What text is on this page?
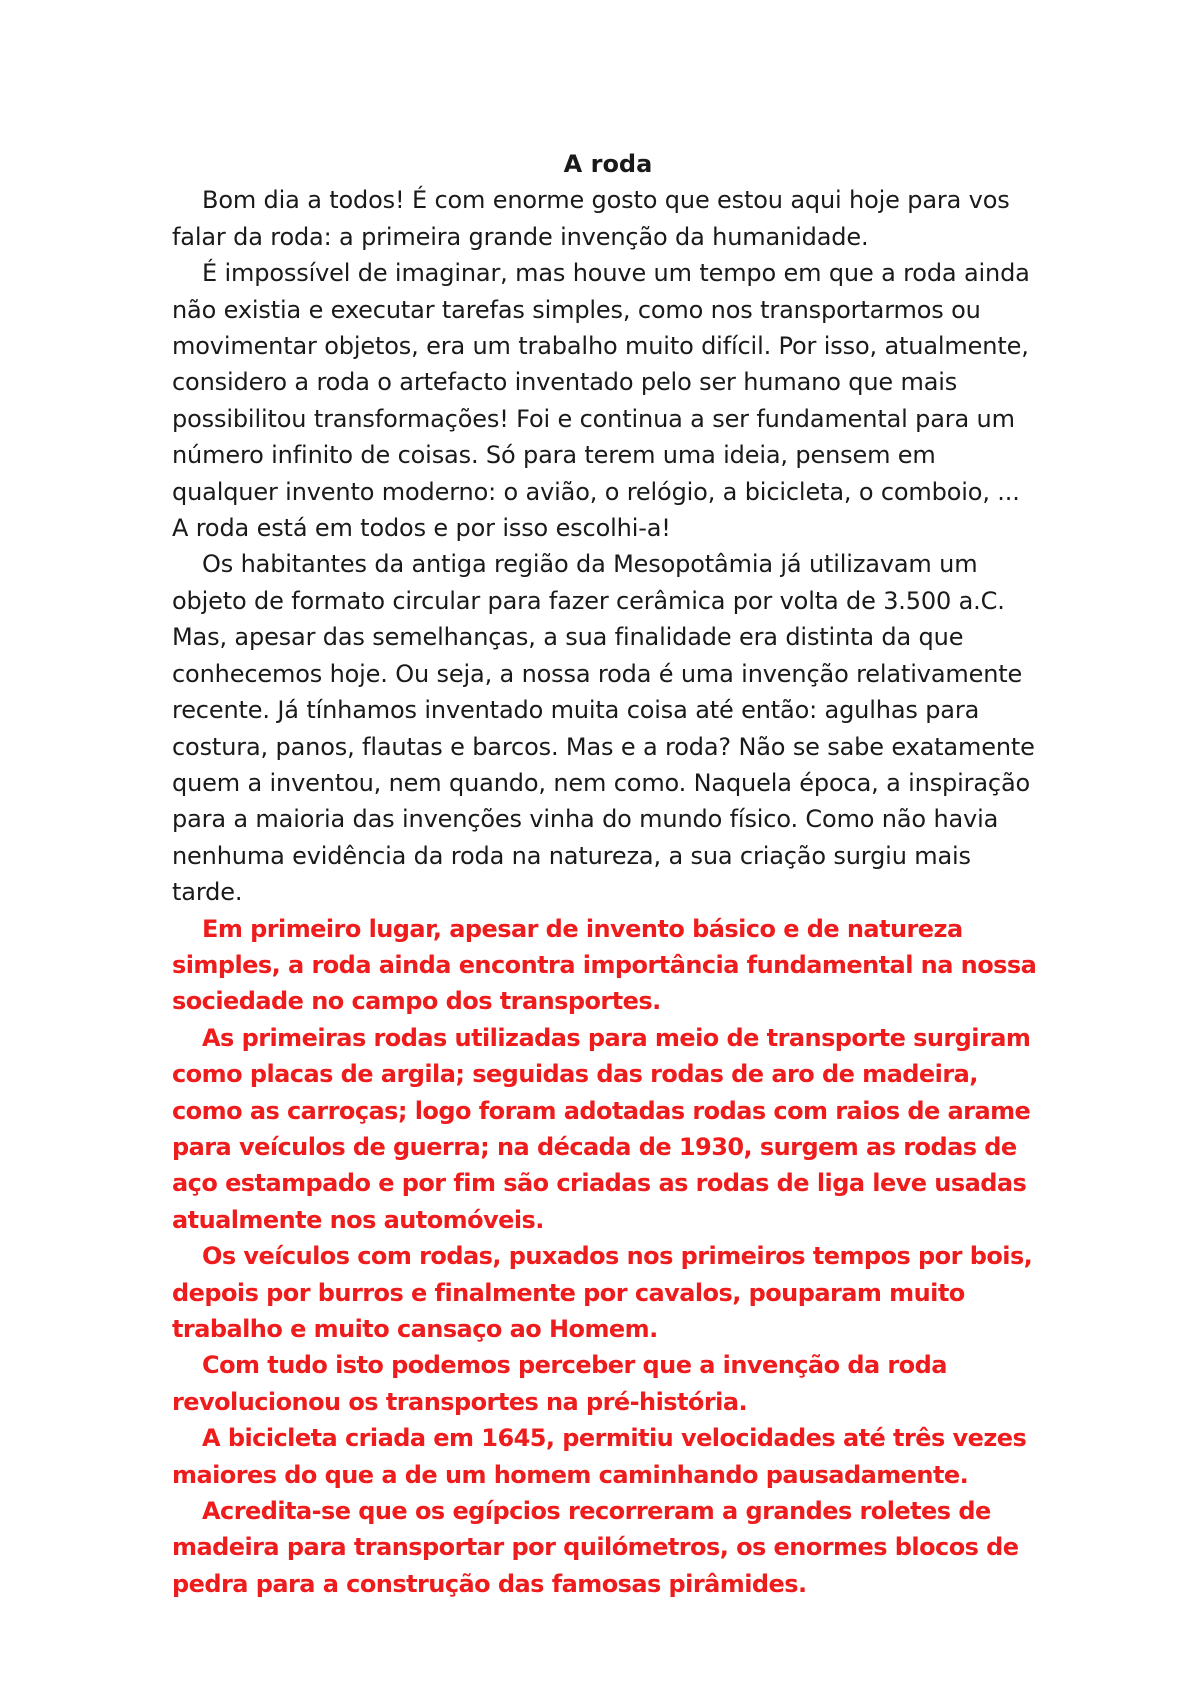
A roda

Bom dia a todos! É com enorme gosto que estou aqui hoje para vos falar da roda: a primeira grande invenção da humanidade.

É impossível de imaginar, mas houve um tempo em que a roda ainda não existia e executar tarefas simples, como nos transportarmos ou movimentar objetos, era um trabalho muito difícil. Por isso, atualmente, considero a roda o artefacto inventado pelo ser humano que mais possibilitou transformações! Foi e continua a ser fundamental para um número infinito de coisas. Só para terem uma ideia, pensem em qualquer invento moderno: o avião, o relógio, a bicicleta, o comboio, ... A roda está em todos e por isso escolhi-a!

Os habitantes da antiga região da Mesopotâmia já utilizavam um objeto de formato circular para fazer cerâmica por volta de 3.500 a.C. Mas, apesar das semelhanças, a sua finalidade era distinta da que conhecemos hoje. Ou seja, a nossa roda é uma invenção relativamente recente. Já tínhamos inventado muita coisa até então: agulhas para costura, panos, flautas e barcos. Mas e a roda? Não se sabe exatamente quem a inventou, nem quando, nem como. Naquela época, a inspiração para a maioria das invenções vinha do mundo físico. Como não havia nenhuma evidência da roda na natureza, a sua criação surgiu mais tarde.

Em primeiro lugar, apesar de invento básico e de natureza simples, a roda ainda encontra importância fundamental na nossa sociedade no campo dos transportes.

As primeiras rodas utilizadas para meio de transporte surgiram como placas de argila; seguidas das rodas de aro de madeira, como as carroças; logo foram adotadas rodas com raios de arame para veículos de guerra; na década de 1930, surgem as rodas de aço estampado e por fim são criadas as rodas de liga leve usadas atualmente nos automóveis.

Os veículos com rodas, puxados nos primeiros tempos por bois, depois por burros e finalmente por cavalos, pouparam muito trabalho e muito cansaço ao Homem.

Com tudo isto podemos perceber que a invenção da roda revolucionou os transportes na pré-história.

A bicicleta criada em 1645, permitiu velocidades até três vezes maiores do que a de um homem caminhando pausadamente.

Acredita-se que os egípcios recorreram a grandes roletes de madeira para transportar por quilómetros, os enormes blocos de pedra para a construção das famosas pirâmides.
